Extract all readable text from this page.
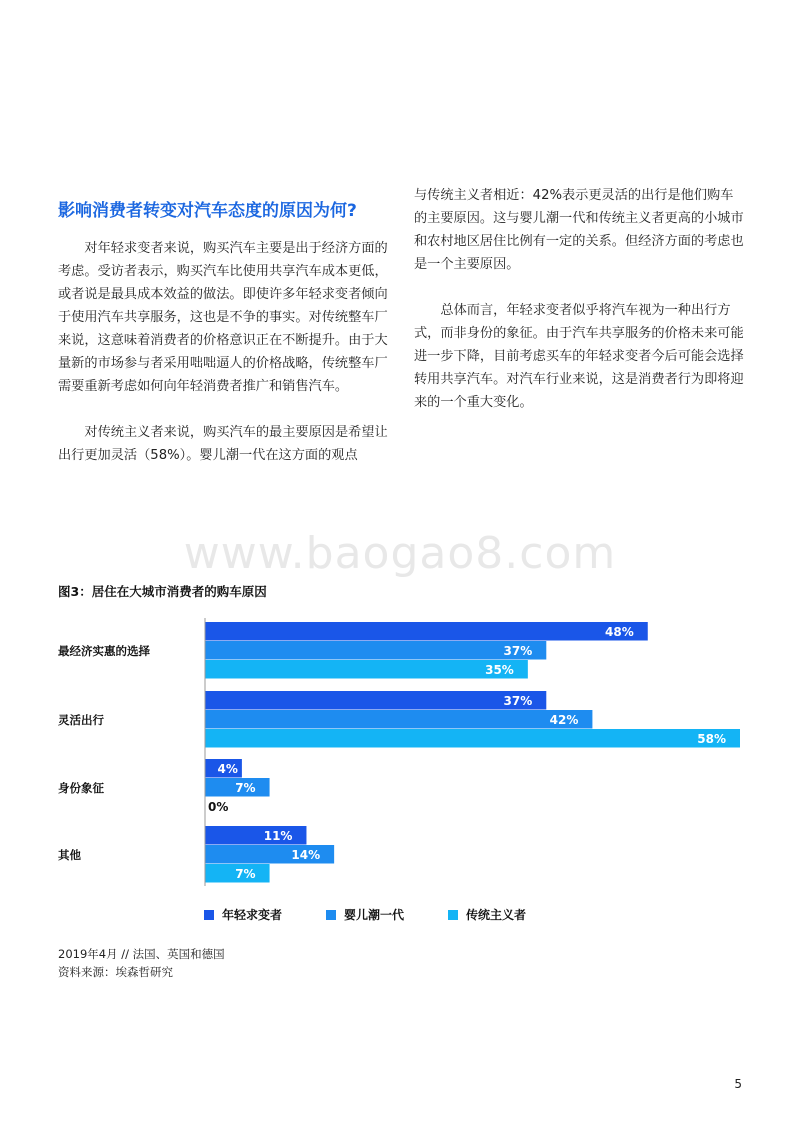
影响消费者转变对汽车态度的原因为何?

对年轻求变者来说，购买汽车主要是出于经济方面的考虑。受访者表示，购买汽车比使用共享汽车成本更低，或者说是最具成本效益的做法。即使许多年轻求变者倾向于使用汽车共享服务，这也是不争的事实。对传统整车厂来说，这意味着消费者的价格意识正在不断提升。由于大量新的市场参与者采用咄咄逼人的价格战略，传统整车厂需要重新考虑如何向年轻消费者推广和销售汽车。

对传统主义者来说，购买汽车的最主要原因是希望让出行更加灵活（58%）。婴儿潮一代在这方面的观点

与传统主义者相近：42%表示更灵活的出行是他们购车的主要原因。这与婴儿潮一代和传统主义者更高的小城市和农村地区居住比例有一定的关系。但经济方面的考虑也是一个主要原因。

总体而言，年轻求变者似乎将汽车视为一种出行方式，而非身份的象征。由于汽车共享服务的价格未来可能进一步下降，目前考虑买车的年轻求变者今后可能会选择转用共享汽车。对汽车行业来说，这是消费者行为即将迎来的一个重大变化。

www.baogao8.com
图3：居住在大城市消费者的购车原因
最经济实惠的选择
48%
37%
35%
灵活出行
37%
42%
58%
身份象征
4%
7%
0%
其他
11%
14%
7%
年轻求变者	婴儿潮一代	传统主义者
2019年4月 // 法国、英国和德国
资料来源：埃森哲研究
5
